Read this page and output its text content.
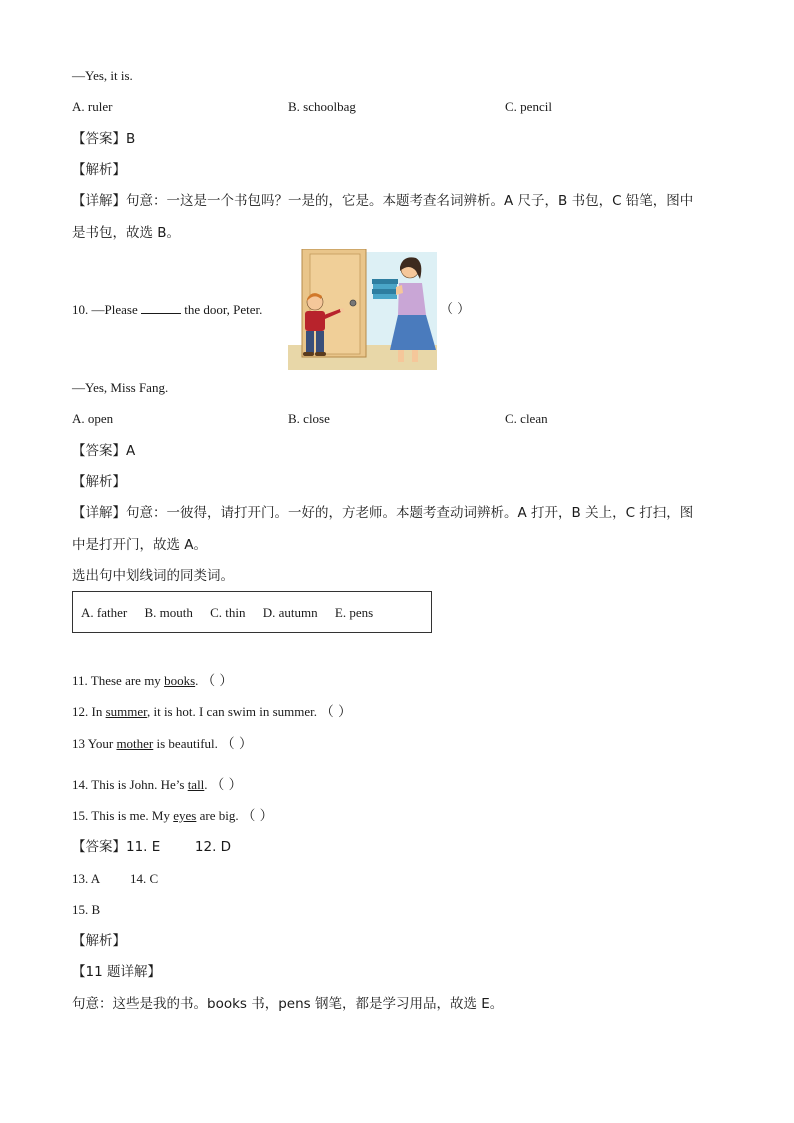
—Yes, it is.
A. ruler	B. schoolbag	C. pencil
【答案】B
【解析】
【详解】句意：一这是一个书包吗？一是的，它是。本题考查名词辨析。A 尺子，B 书包，C 铅笔，图中
是书包，故选 B。
10. —Please	the door, Peter.	（ ）
—Yes, Miss Fang.
A. open	B. close	C. clean
【答案】A
【解析】
【详解】句意：一彼得，请打开门。一好的，方老师。本题考查动词辨析。A 打开，B 关上，C 打扫，图
中是打开门，故选 A。
选出句中划线词的同类词。
A. father B. mouth C. thin D. autumn E. pens
11. These are my books. （ ）
12. In summer, it is hot. I can swim in summer. （ ）
13 Your mother is beautiful. （ ）
14. This is John. He’s tall. （ ）
15. This is me. My eyes are big. （ ）
【答案】11. E	12. D
13. A 14. C
15. B
【解析】
【11 题详解】
句意：这些是我的书。books 书，pens 钢笔，都是学习用品，故选 E。
